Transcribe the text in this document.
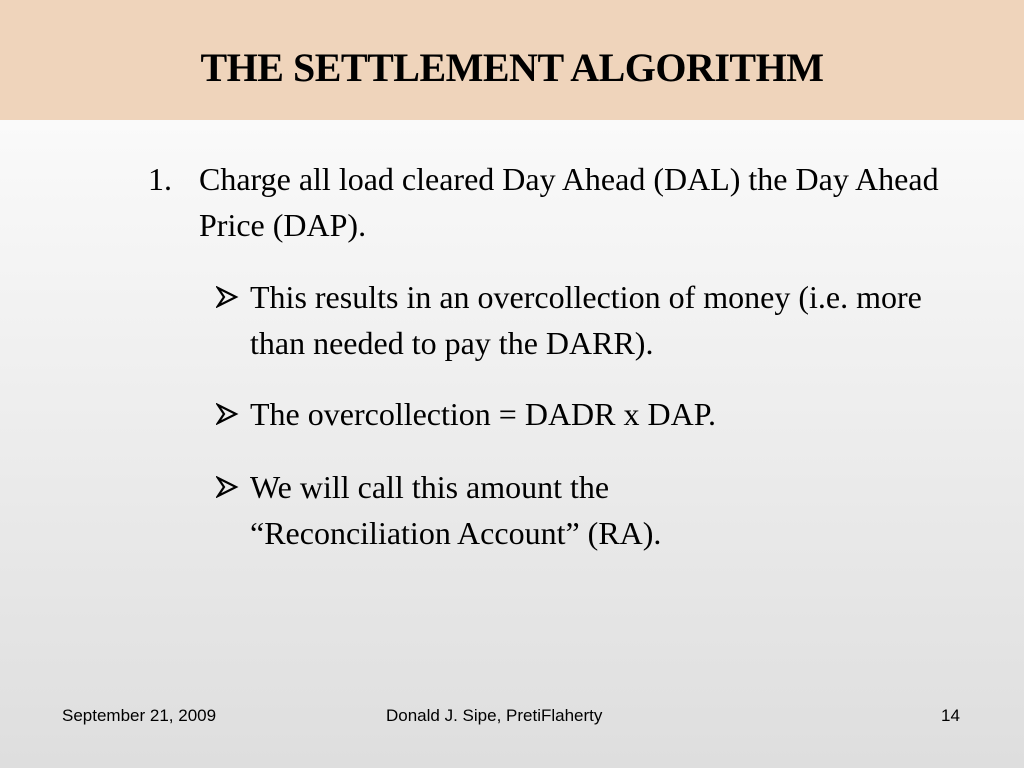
THE SETTLEMENT ALGORITHM
1. Charge all load cleared Day Ahead (DAL) the Day Ahead Price (DAP).
This results in an overcollection of money (i.e. more than needed to pay the DARR).
The overcollection = DADR x DAP.
We will call this amount the “Reconciliation Account” (RA).
September 21, 2009	Donald J. Sipe, PretiFlaherty	14
